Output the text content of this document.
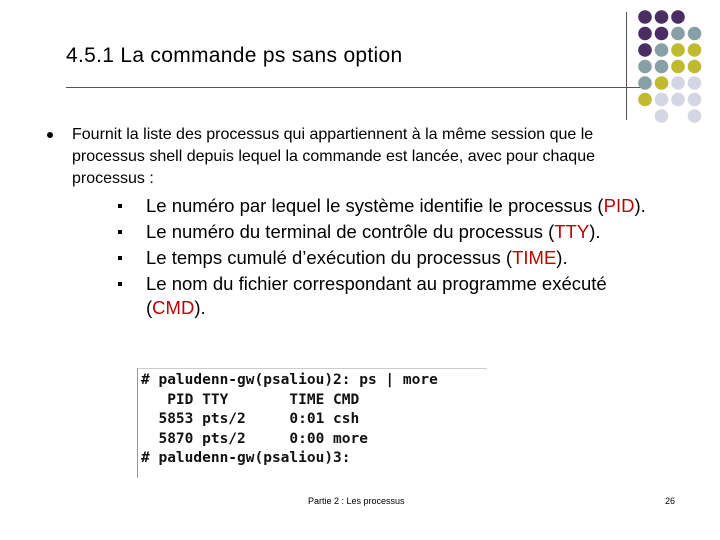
4.5.1 La commande ps sans option
Fournit la liste des processus qui appartiennent à la même session que le processus shell depuis lequel la commande est lancée, avec pour chaque processus :
Le numéro par lequel le système identifie le processus (PID).
Le numéro du terminal de contrôle du processus (TTY).
Le temps cumulé d’exécution du processus (TIME).
Le nom du fichier correspondant au programme exécuté (CMD).
# paludenn-gw(psaliou)2: ps | more
PID TTY       TIME CMD
5853 pts/2     0:01 csh
5870 pts/2     0:00 more
# paludenn-gw(psaliou)3:
Partie 2 : Les processus	26
